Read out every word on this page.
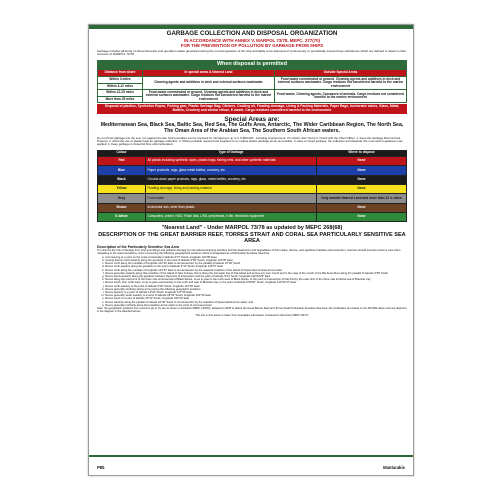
GARBAGE COLLECTION AND DISPOSAL ORGANIZATION
IN ACCORDANCE WITH ANNEX V, MARPOL 73/78, MEPC. 277(70)
FOR THE PREVENTION OF POLLUTION BY GARBAGE FROM SHIPS
Garbage includes all kinds of virtual domestic and operation waste generated during the normal operation of the ship and liable to be disposed of continuously or periodically except those substances which are defined or listed in other Annexes of MARPOL 73/78.
When disposal is permitted
Distance from shore	In special areas & Nearest Land	Outside Special Areas
Within 3 miles	Cleaning agents and additives in deck and external surfaces washwater	Food waste comminuted or ground, Cleaning agents and additives in deck and external surfaces washwater. Cargo residues not considered harmful to the marine environment
Within 3-12 miles		
Within 12-25 miles	Food waste comminuted or ground, Cleaning agents and additives in deck and external surfaces washwater. Cargo residues not considered harmful to the marine environment	Food waste, Cleaning agents, Carcasses of animals. Cargo residues not considered harmful to the marine environment
More than 25 miles		
Disposal of plastics, Synthetics Ropes, Fishing gear, Plastic Garbage Bag, Clinkers, Cooking oil, Floating dunnage, Lining & Packing Materials, Paper Rags, Incinerator ashes, Glass, Metal, Bottles, Crockery and similar refuse, E-waste, Cargo residues considered harmful to the environment
Special Areas are:
Mediterranean Sea, Black Sea, Baltic Sea, Red Sea, The Gulfs Area, Antarctic, The Wider Caribbean Region, The North Sea, The Oman Area of the Arabian Sea, The Southern South African waters.
Do not throw garbage into the sea, it is against the law. Strict penalties can be imposed for infringement up to U.S.$50,000 - including imprisonment. If in doubt, don't throw it. Check with the Chief Officer. 1. Keep the Garbage Record book Properly. 2. Avoid the use of plastic bags for garbage collection. 3. Where possible request food suppliers to try reduce plastic package as far as possible. In case of mixed garbage, the collection and disposal, the most strict regulations may applied. 4. Keep garbage in closed lid bins until incinerated.
Colour	Type of Garbage	Where to dispose
Red	All plastic including synthetic ropes, plastic bags, fishing nets, and other synthetic materials	None
Blue	Paper products, rags, glass metal bottles, crockery, etc.	None
Black	Ground-down paper products, rags, glass, metal bottles, crockery, etc.	None
Yellow	Floating dunnage, lining and packing material	None
Grey	Food waste	Only outside Nearest Land and more than 12 n. miles
Brown	Incinerator ash, other than plastic	None
E-Waste	Computers, printer, HDD, Flash disk, USB, peripherals, e-file, electronic equipment	None
"Nearest Land" - Under MARPOL 73/78 as updated by MEPC 268(68)
DESCRIPTION OF THE GREAT BARRIER REEF, TORRES STRAIT AND CORAL SEA PARTICULARLY SENSITIVE SEA AREA
Description of the Particularly Sensitive Sea Area
To minimize the risk of damage from ship groundings and pollution damage by international shipping activities and the destruction and degradation of this unique, diverse, and significant habitats and ecosystem, mariners should exercise extreme care when navigating in the area bounded by a line connecting the following geographical positions which is designated as a Particularly Sensitive Sea Area:
a. commencing at a point on the coast of Australia in latitude 9°37' South, longitude 142°08' East
b. running thence north-easterly along the geodesic to the point of latitude 9°00' South, longitude 144°30' East
c. thence north along the meridian of longitude 144°30' East to its intersection by the parallel of latitude 15°00' South
d. thence north-easterly along the geodesic to the point of latitude 9°13' South, longitude 144°57' East
e. thence north along the meridian of longitude 144°57' East to its intersection by the seaward coastline of the island of Papua New Guinea at low water
f. thence generally easterly along that coastline of the island of New Guinea, that is along the low water line of that island and across any river mouth and in the case of the mouth of the Bia Kusa River along the parallel of latitude 9°08' South
g. thence south-westerly along the geodesic between that point of intersection and the point of latitude 9°24' South, longitude 142°03'29" East
h. thence along the outer limit of the three mile territorial sea of Black Rocks, so as to pass to the north west of Black Rocks, to the point of intersection of that limit by the outer limit of the three mile territorial sea of Bramble Cay
i. thence south, then north-west, so as to pass successively to the north and east of Bramble Cay, to the point of latitude 9°08'30" South, longitude 143°52'47" East
j. thence north-easterly to the point of latitude 9°00' South, longitude 144°30' East
k. thence generally southerly along a line joining the following geographic positions
l. thence easterly to a point of latitude 13°00' South, longitude 147°00' East
m. thence generally south easterly to a point of latitude 18°00' South, longitude 152°00' East
n. thence south to a point of latitude 24°30' South, longitude 154°00' East
o. thence westerly along the parallel of latitude 24°30' South to its intersection by the coastline of Queensland at low water; and
p. thence generally northerly along that coastline at low water to the point of commencement
Note: the geographic positions from sections (a) to (n) are as those in resolution MEPC 133(53), adopted in 2005 to define the Great Barrier Reef and Torres Strait Particularly Sensitive Sea Area. All coordinates are based on the WGS84 datum and are depicted in the diagram in the attached annex.
The text in this annex is taken from Australia's submission contained in document MEPC 66/7/1
P85	Mantarakis
